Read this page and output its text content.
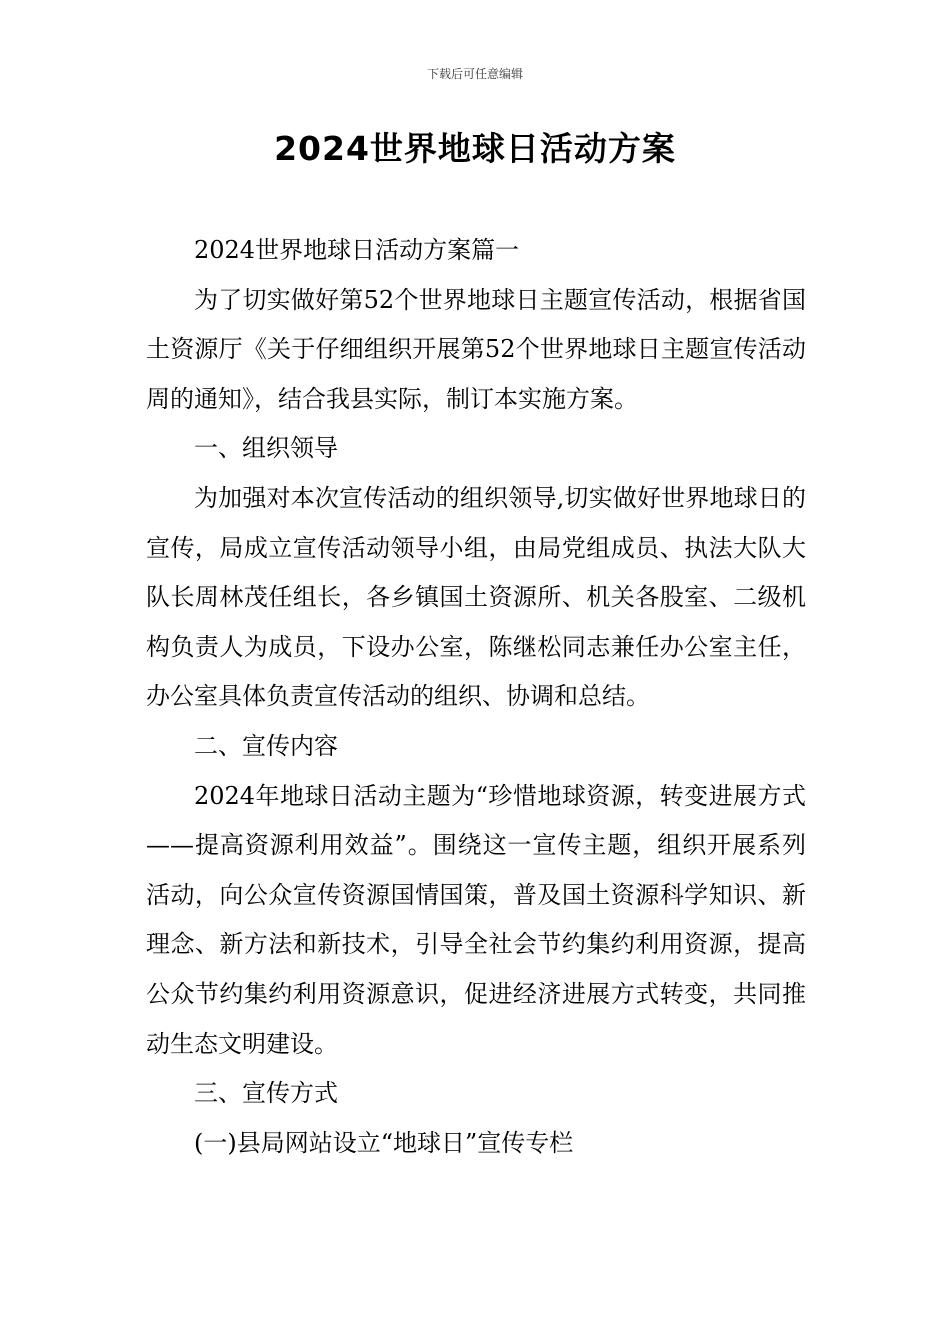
下载后可任意编辑
2024世界地球日活动方案

2024世界地球日活动方案篇一

为了切实做好第52个世界地球日主题宣传活动，根据省国土资源厅《关于仔细组织开展第52个世界地球日主题宣传活动周的通知》，结合我县实际，制订本实施方案。

一、组织领导

为加强对本次宣传活动的组织领导,切实做好世界地球日的宣传，局成立宣传活动领导小组，由局党组成员、执法大队大队长周林茂任组长，各乡镇国土资源所、机关各股室、二级机构负责人为成员，下设办公室，陈继松同志兼任办公室主任，办公室具体负责宣传活动的组织、协调和总结。

二、宣传内容

2024年地球日活动主题为“珍惜地球资源，转变进展方式——提高资源利用效益”。围绕这一宣传主题，组织开展系列活动，向公众宣传资源国情国策，普及国土资源科学知识、新理念、新方法和新技术，引导全社会节约集约利用资源，提高公众节约集约利用资源意识，促进经济进展方式转变，共同推动生态文明建设。

三、宣传方式

(一)县局网站设立“地球日”宣传专栏
